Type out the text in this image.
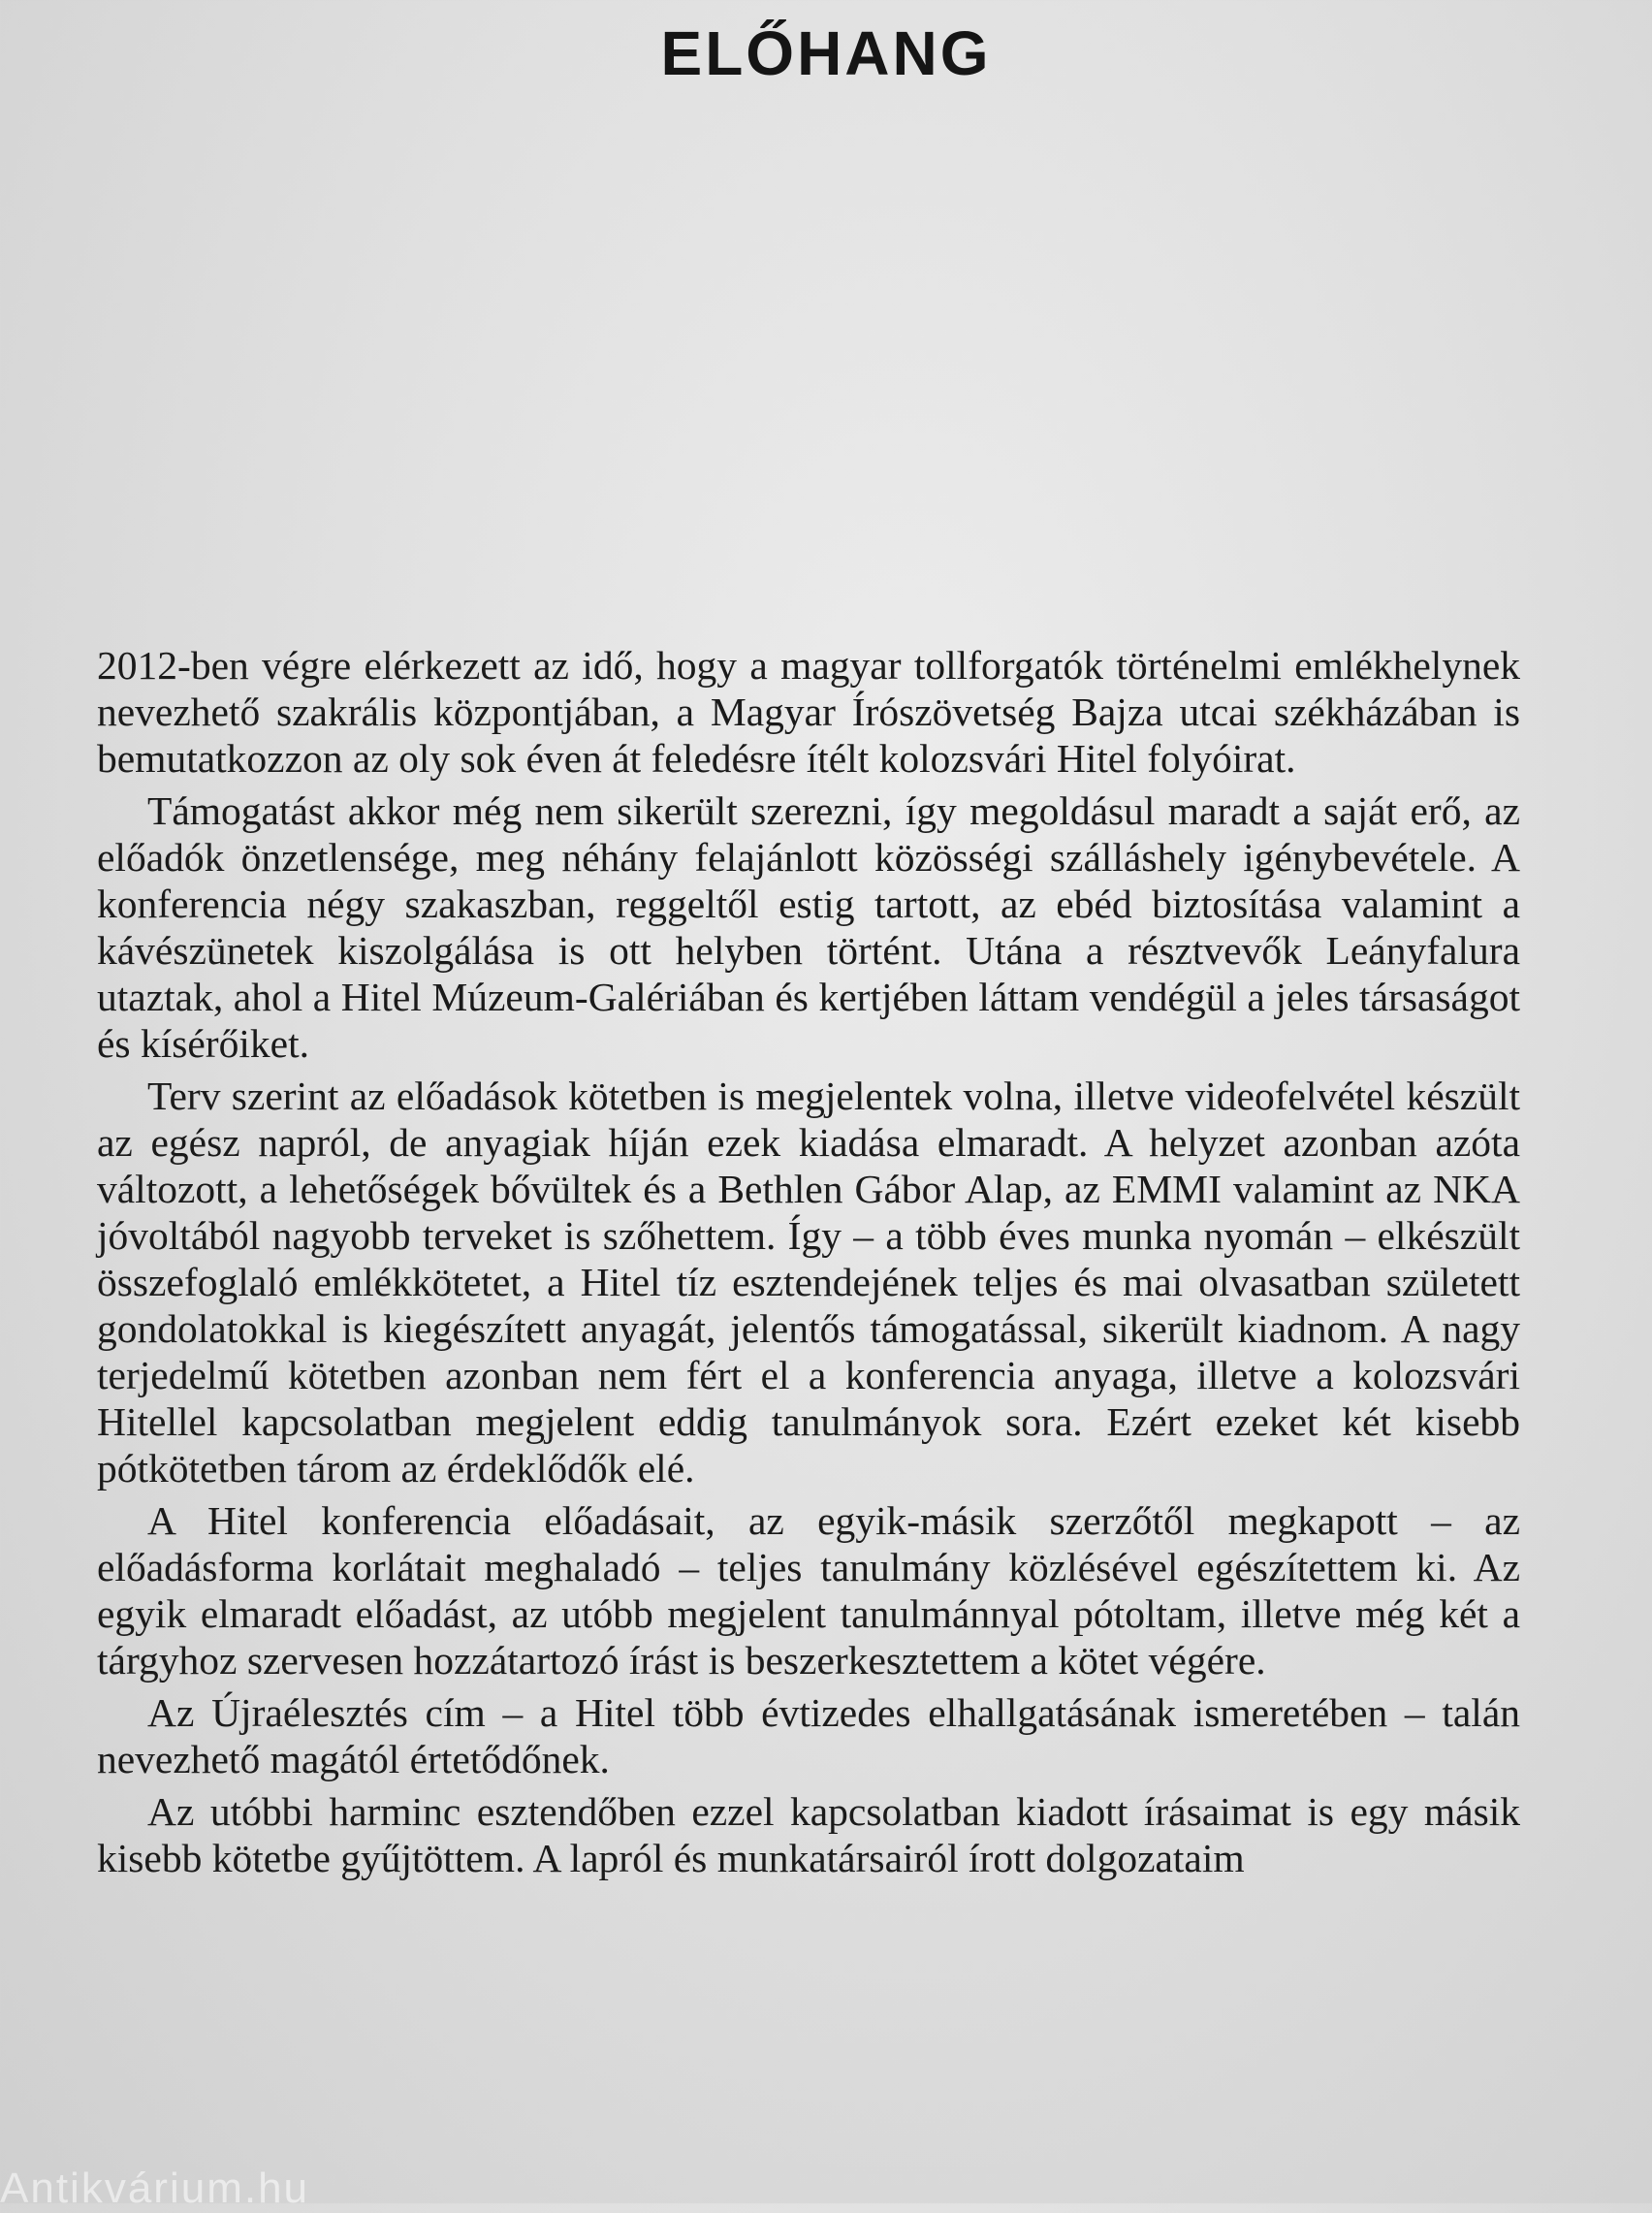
ELŐHANG

2012-ben végre elérkezett az idő, hogy a magyar tollforgatók történelmi emlékhelynek nevezhető szakrális központjában, a Magyar Írószövetség Bajza utcai székházában is bemutatkozzon az oly sok éven át feledésre ítélt kolozsvári Hitel folyóirat.

Támogatást akkor még nem sikerült szerezni, így megoldásul maradt a saját erő, az előadók önzetlensége, meg néhány felajánlott közösségi szálláshely igénybevétele. A konferencia négy szakaszban, reggeltől estig tartott, az ebéd biztosítása valamint a kávészünetek kiszolgálása is ott helyben történt. Utána a résztvevők Leányfalura utaztak, ahol a Hitel Múzeum-Galériában és kertjében láttam vendégül a jeles társaságot és kísérőiket.

Terv szerint az előadások kötetben is megjelentek volna, illetve videofelvétel készült az egész napról, de anyagiak híján ezek kiadása elmaradt. A helyzet azonban azóta változott, a lehetőségek bővültek és a Bethlen Gábor Alap, az EMMI valamint az NKA jóvoltából nagyobb terveket is szőhettem. Így – a több éves munka nyomán – elkészült összefoglaló emlékkötetet, a Hitel tíz esztendejének teljes és mai olvasatban született gondolatokkal is kiegészített anyagát, jelentős támogatással, sikerült kiadnom. A nagy terjedelmű kötetben azonban nem fért el a konferencia anyaga, illetve a kolozsvári Hitellel kapcsolatban megjelent eddig tanulmányok sora. Ezért ezeket két kisebb pótkötetben tárom az érdeklődők elé.

A Hitel konferencia előadásait, az egyik-másik szerzőtől megkapott – az előadásforma korlátait meghaladó – teljes tanulmány közlésével egészítettem ki. Az egyik elmaradt előadást, az utóbb megjelent tanulmánnyal pótoltam, illetve még két a tárgyhoz szervesen hozzátartozó írást is beszerkesztettem a kötet végére.

Az Újraélesztés cím – a Hitel több évtizedes elhallgatásának ismeretében – talán nevezhető magától értetődőnek.

Az utóbbi harminc esztendőben ezzel kapcsolatban kiadott írásaimat is egy másik kisebb kötetbe gyűjtöttem. A lapról és munkatársairól írott dolgozataim

Antikvárium.hu
